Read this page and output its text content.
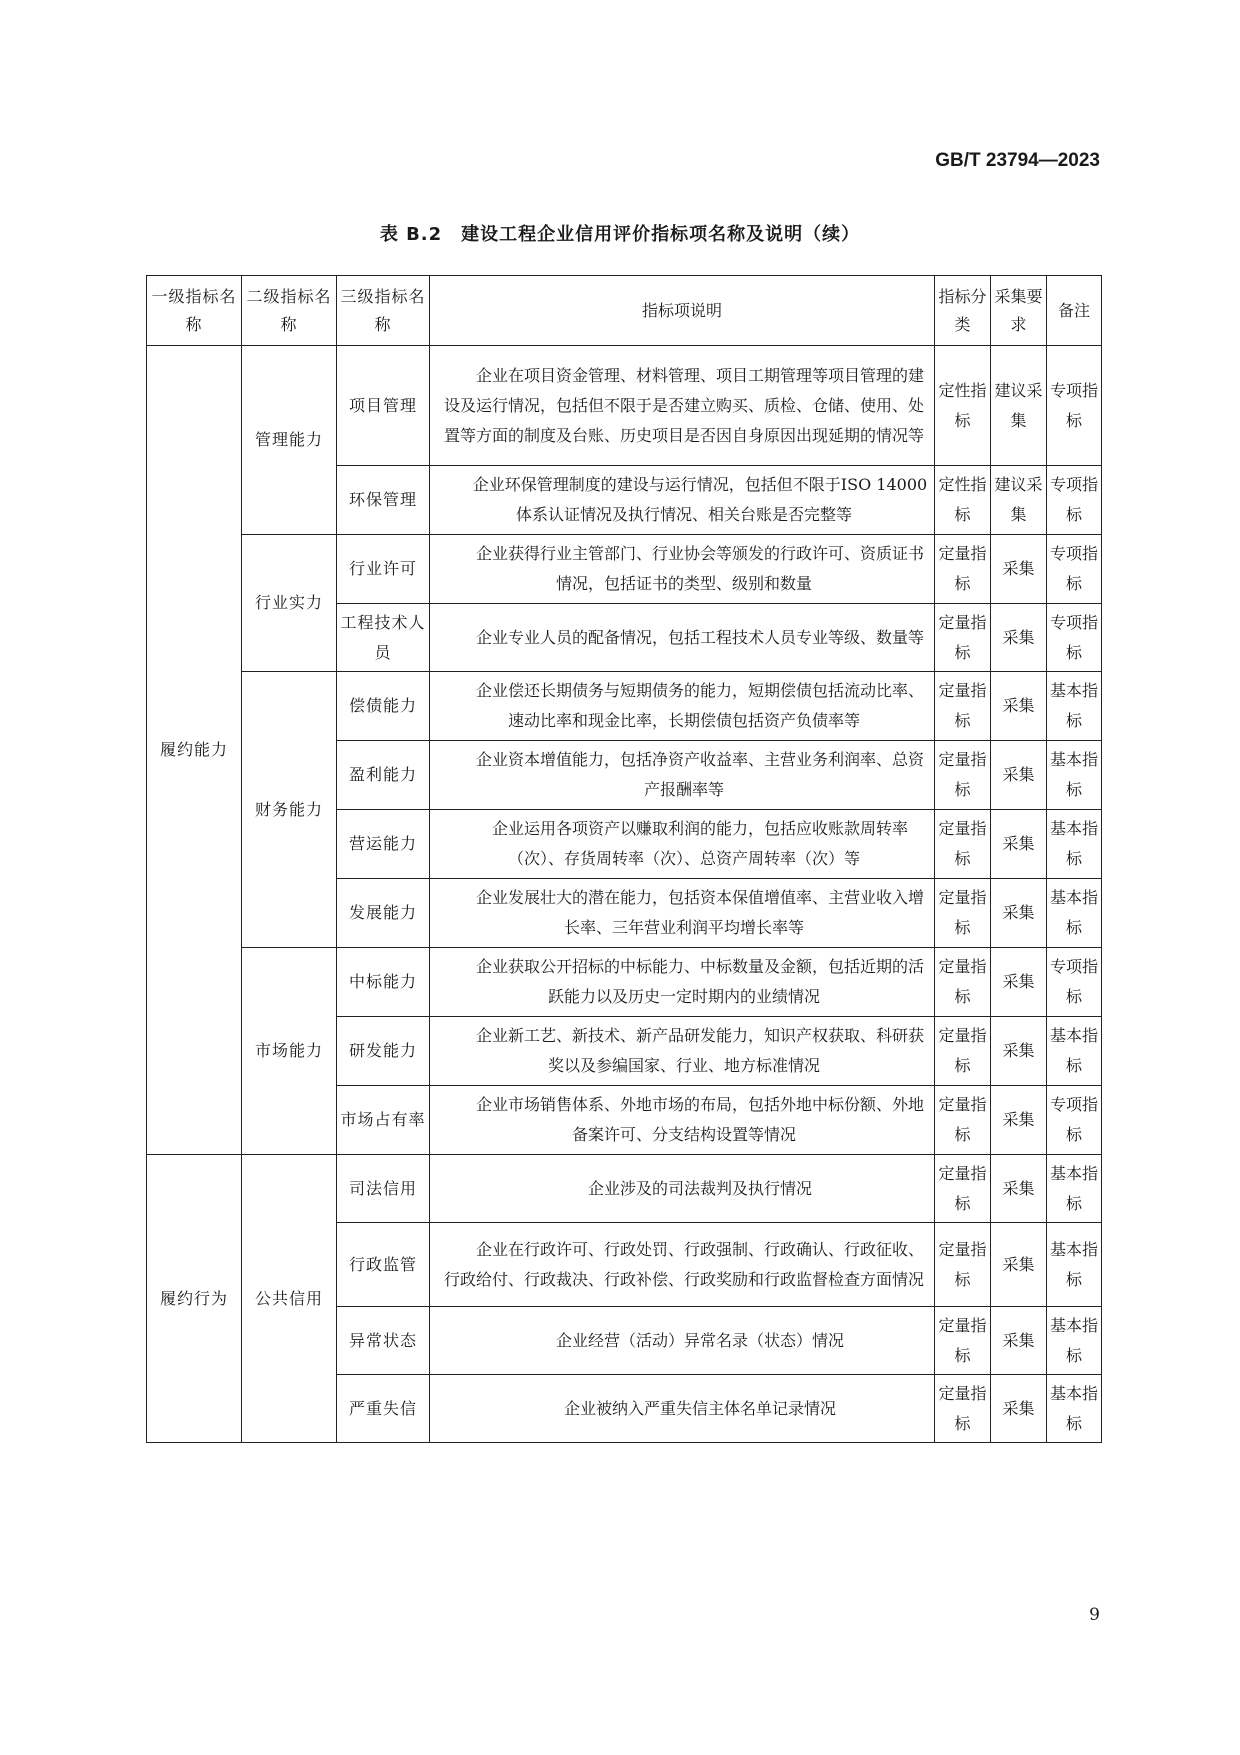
GB/T 23794—2023
表 B.2　建设工程企业信用评价指标项名称及说明（续）
一级指标名称	二级指标名称	三级指标名称	指标项说明	指标分类	采集要求	备注
履约能力	管理能力	项目管理	企业在项目资金管理、材料管理、项目工期管理等项目管理的建设及运行情况，包括但不限于是否建立购买、质检、仓储、使用、处置等方面的制度及台账、历史项目是否因自身原因出现延期的情况等	定性指标	建议采集	专项指标
		环保管理	企业环保管理制度的建设与运行情况，包括但不限于ISO 14000 体系认证情况及执行情况、相关台账是否完整等	定性指标	建议采集	专项指标
	行业实力	行业许可	企业获得行业主管部门、行业协会等颁发的行政许可、资质证书情况，包括证书的类型、级别和数量	定量指标	采集	专项指标
		工程技术人员	企业专业人员的配备情况，包括工程技术人员专业等级、数量等	定量指标	采集	专项指标
	财务能力	偿债能力	企业偿还长期债务与短期债务的能力，短期偿债包括流动比率、速动比率和现金比率，长期偿债包括资产负债率等	定量指标	采集	基本指标
		盈利能力	企业资本增值能力，包括净资产收益率、主营业务利润率、总资产报酬率等	定量指标	采集	基本指标
		营运能力	企业运用各项资产以赚取利润的能力，包括应收账款周转率（次）、存货周转率（次）、总资产周转率（次）等	定量指标	采集	基本指标
		发展能力	企业发展壮大的潜在能力，包括资本保值增值率、主营业收入增长率、三年营业利润平均增长率等	定量指标	采集	基本指标
	市场能力	中标能力	企业获取公开招标的中标能力、中标数量及金额，包括近期的活跃能力以及历史一定时期内的业绩情况	定量指标	采集	专项指标
		研发能力	企业新工艺、新技术、新产品研发能力，知识产权获取、科研获奖以及参编国家、行业、地方标准情况	定量指标	采集	基本指标
		市场占有率	企业市场销售体系、外地市场的布局，包括外地中标份额、外地备案许可、分支结构设置等情况	定量指标	采集	专项指标
履约行为	公共信用	司法信用	企业涉及的司法裁判及执行情况	定量指标	采集	基本指标
		行政监管	企业在行政许可、行政处罚、行政强制、行政确认、行政征收、行政给付、行政裁决、行政补偿、行政奖励和行政监督检查方面情况	定量指标	采集	基本指标
		异常状态	企业经营（活动）异常名录（状态）情况	定量指标	采集	基本指标
		严重失信	企业被纳入严重失信主体名单记录情况	定量指标	采集	基本指标
9
